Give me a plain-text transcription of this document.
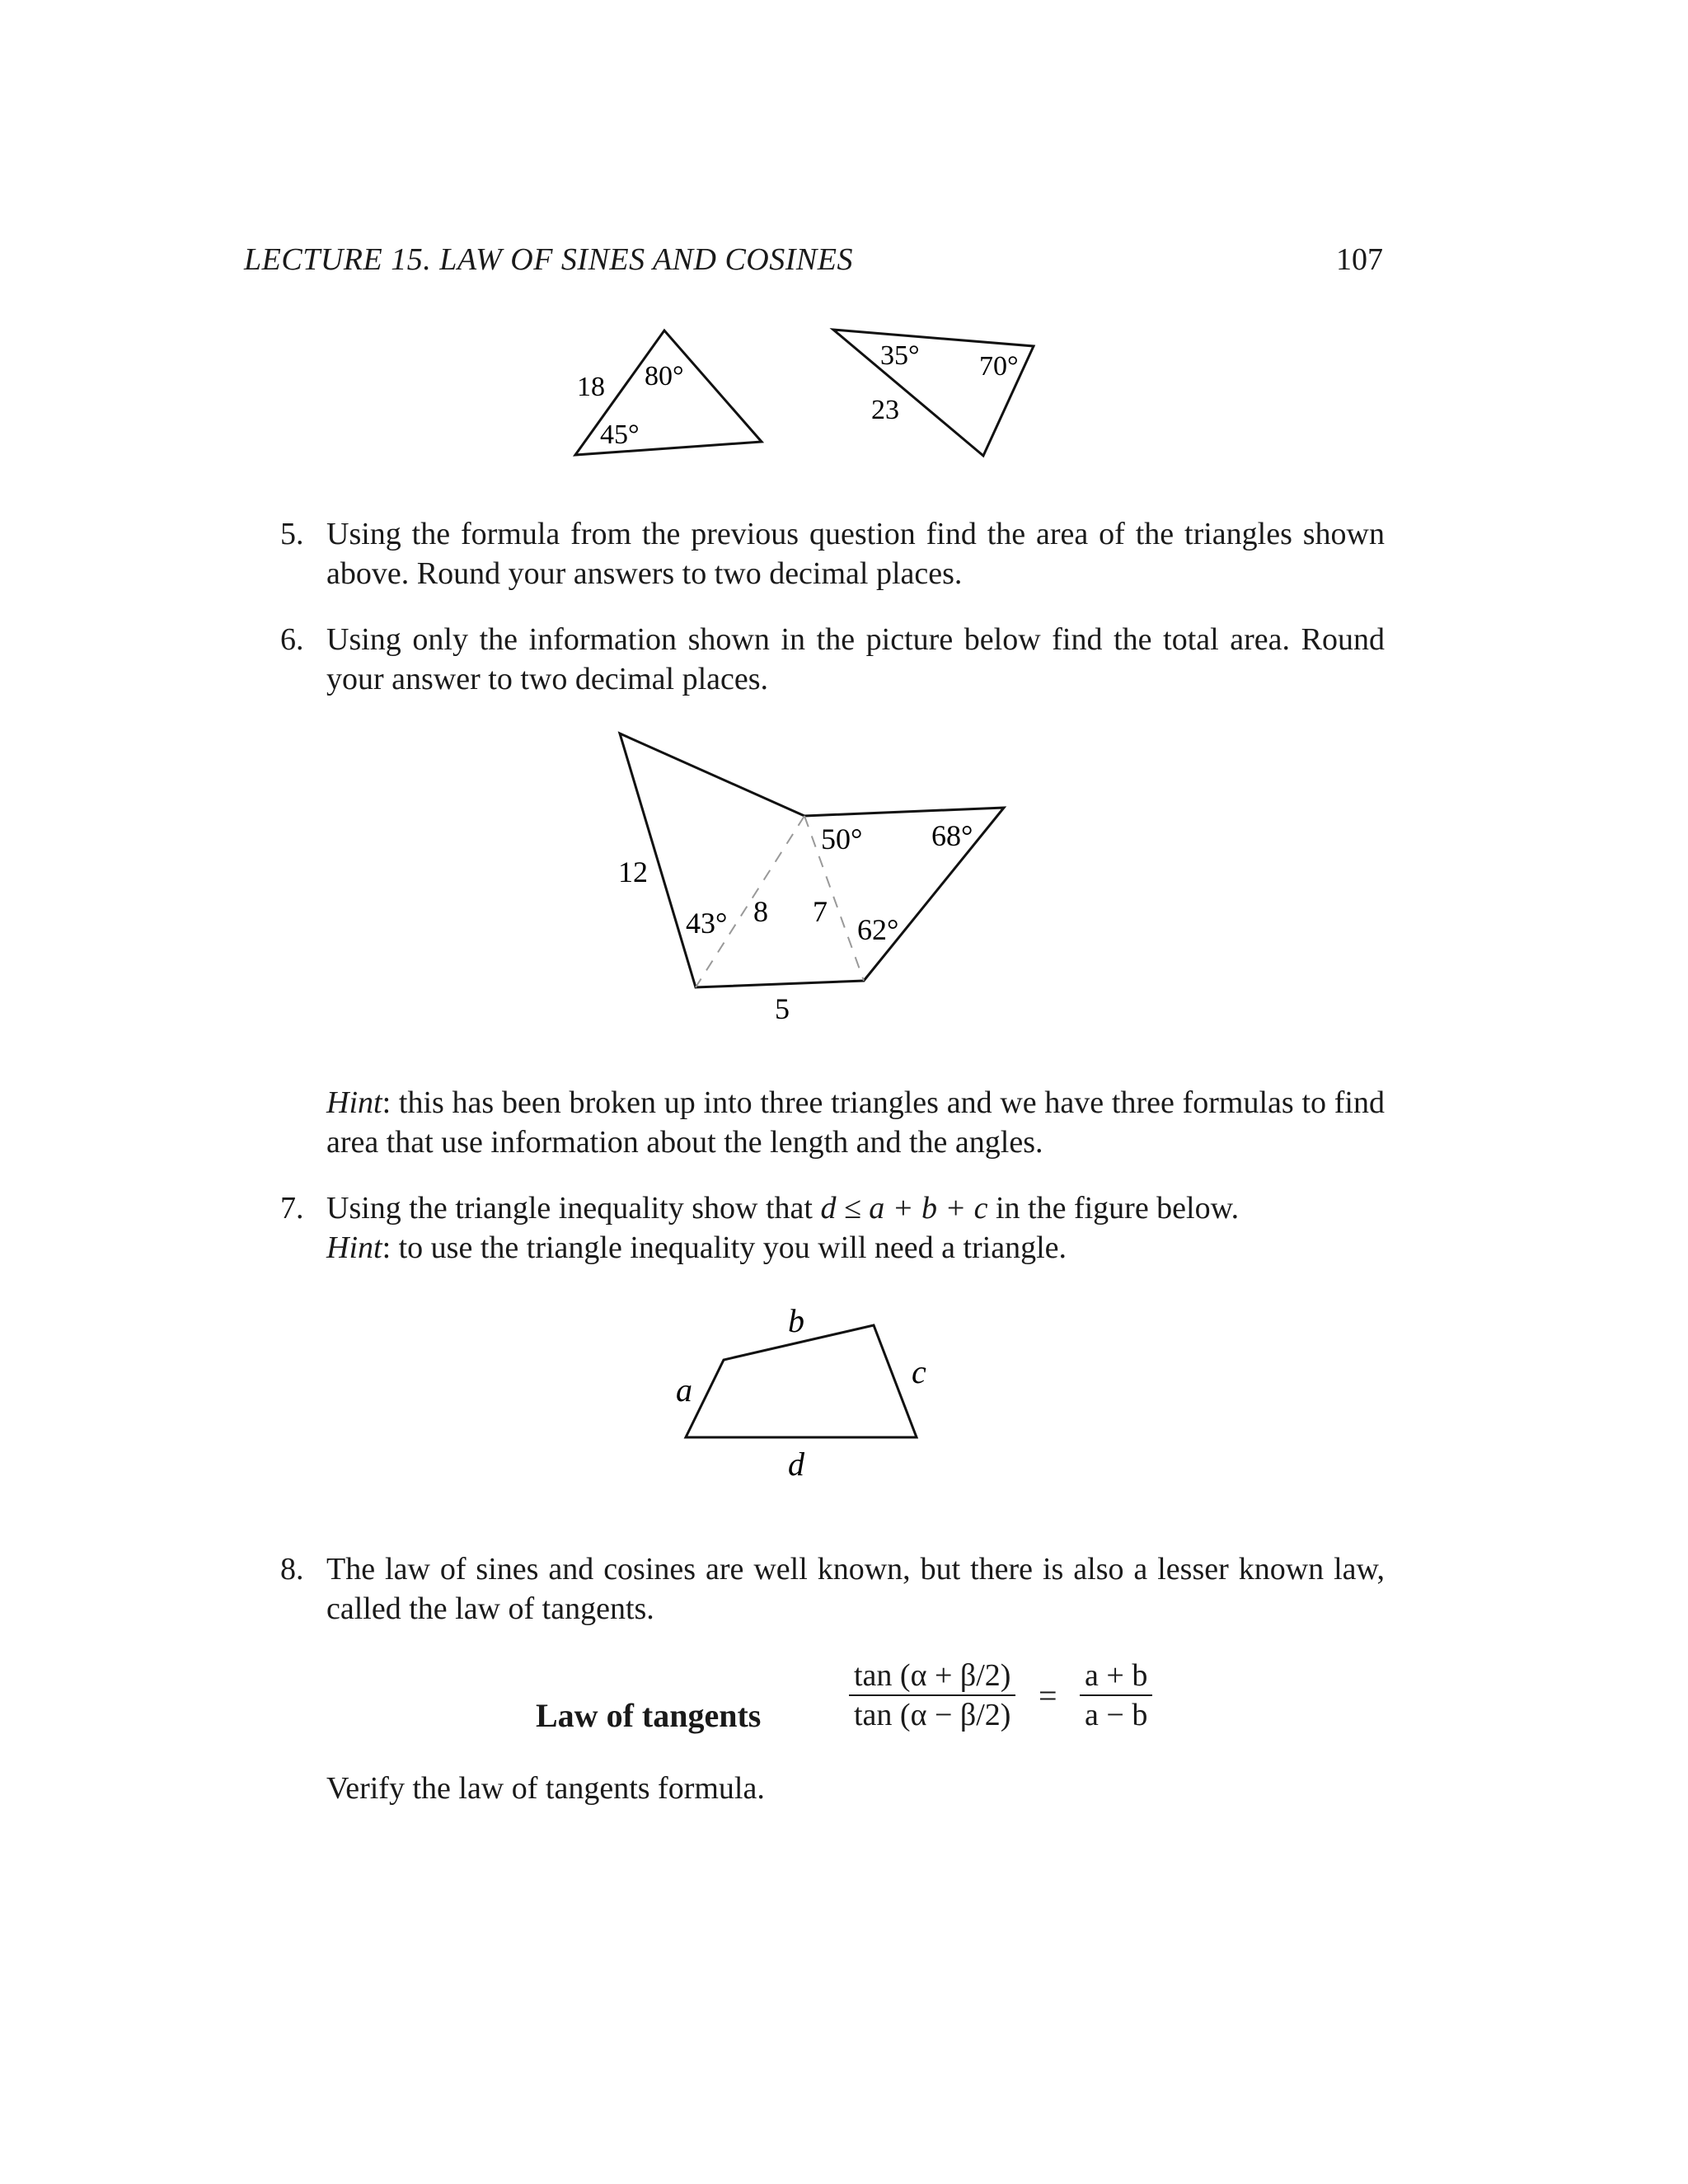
LECTURE 15. LAW OF SINES AND COSINES	107
18 80°
45°
35° 70°
23
5. Using the formula from the previous question find the area of the triangles shown above. Round your answers to two decimal places.
6. Using only the information shown in the picture below find the total area. Round your answer to two decimal places.
12
50° 68°
43° 8 7
62°
5
Hint: this has been broken up into three triangles and we have three formulas to find area that use information about the length and the angles.
7. Using the triangle inequality show that d ≤ a + b + c in the figure below.
Hint: to use the triangle inequality you will need a triangle.
a
b
c
d
8. The law of sines and cosines are well known, but there is also a lesser known law, called the law of tangents.
Law of tangents	$\frac{\tan (\alpha + \beta/2)}{\tan (\alpha - \beta/2)} = \frac{a + b}{a - b}$
Verify the law of tangents formula.
